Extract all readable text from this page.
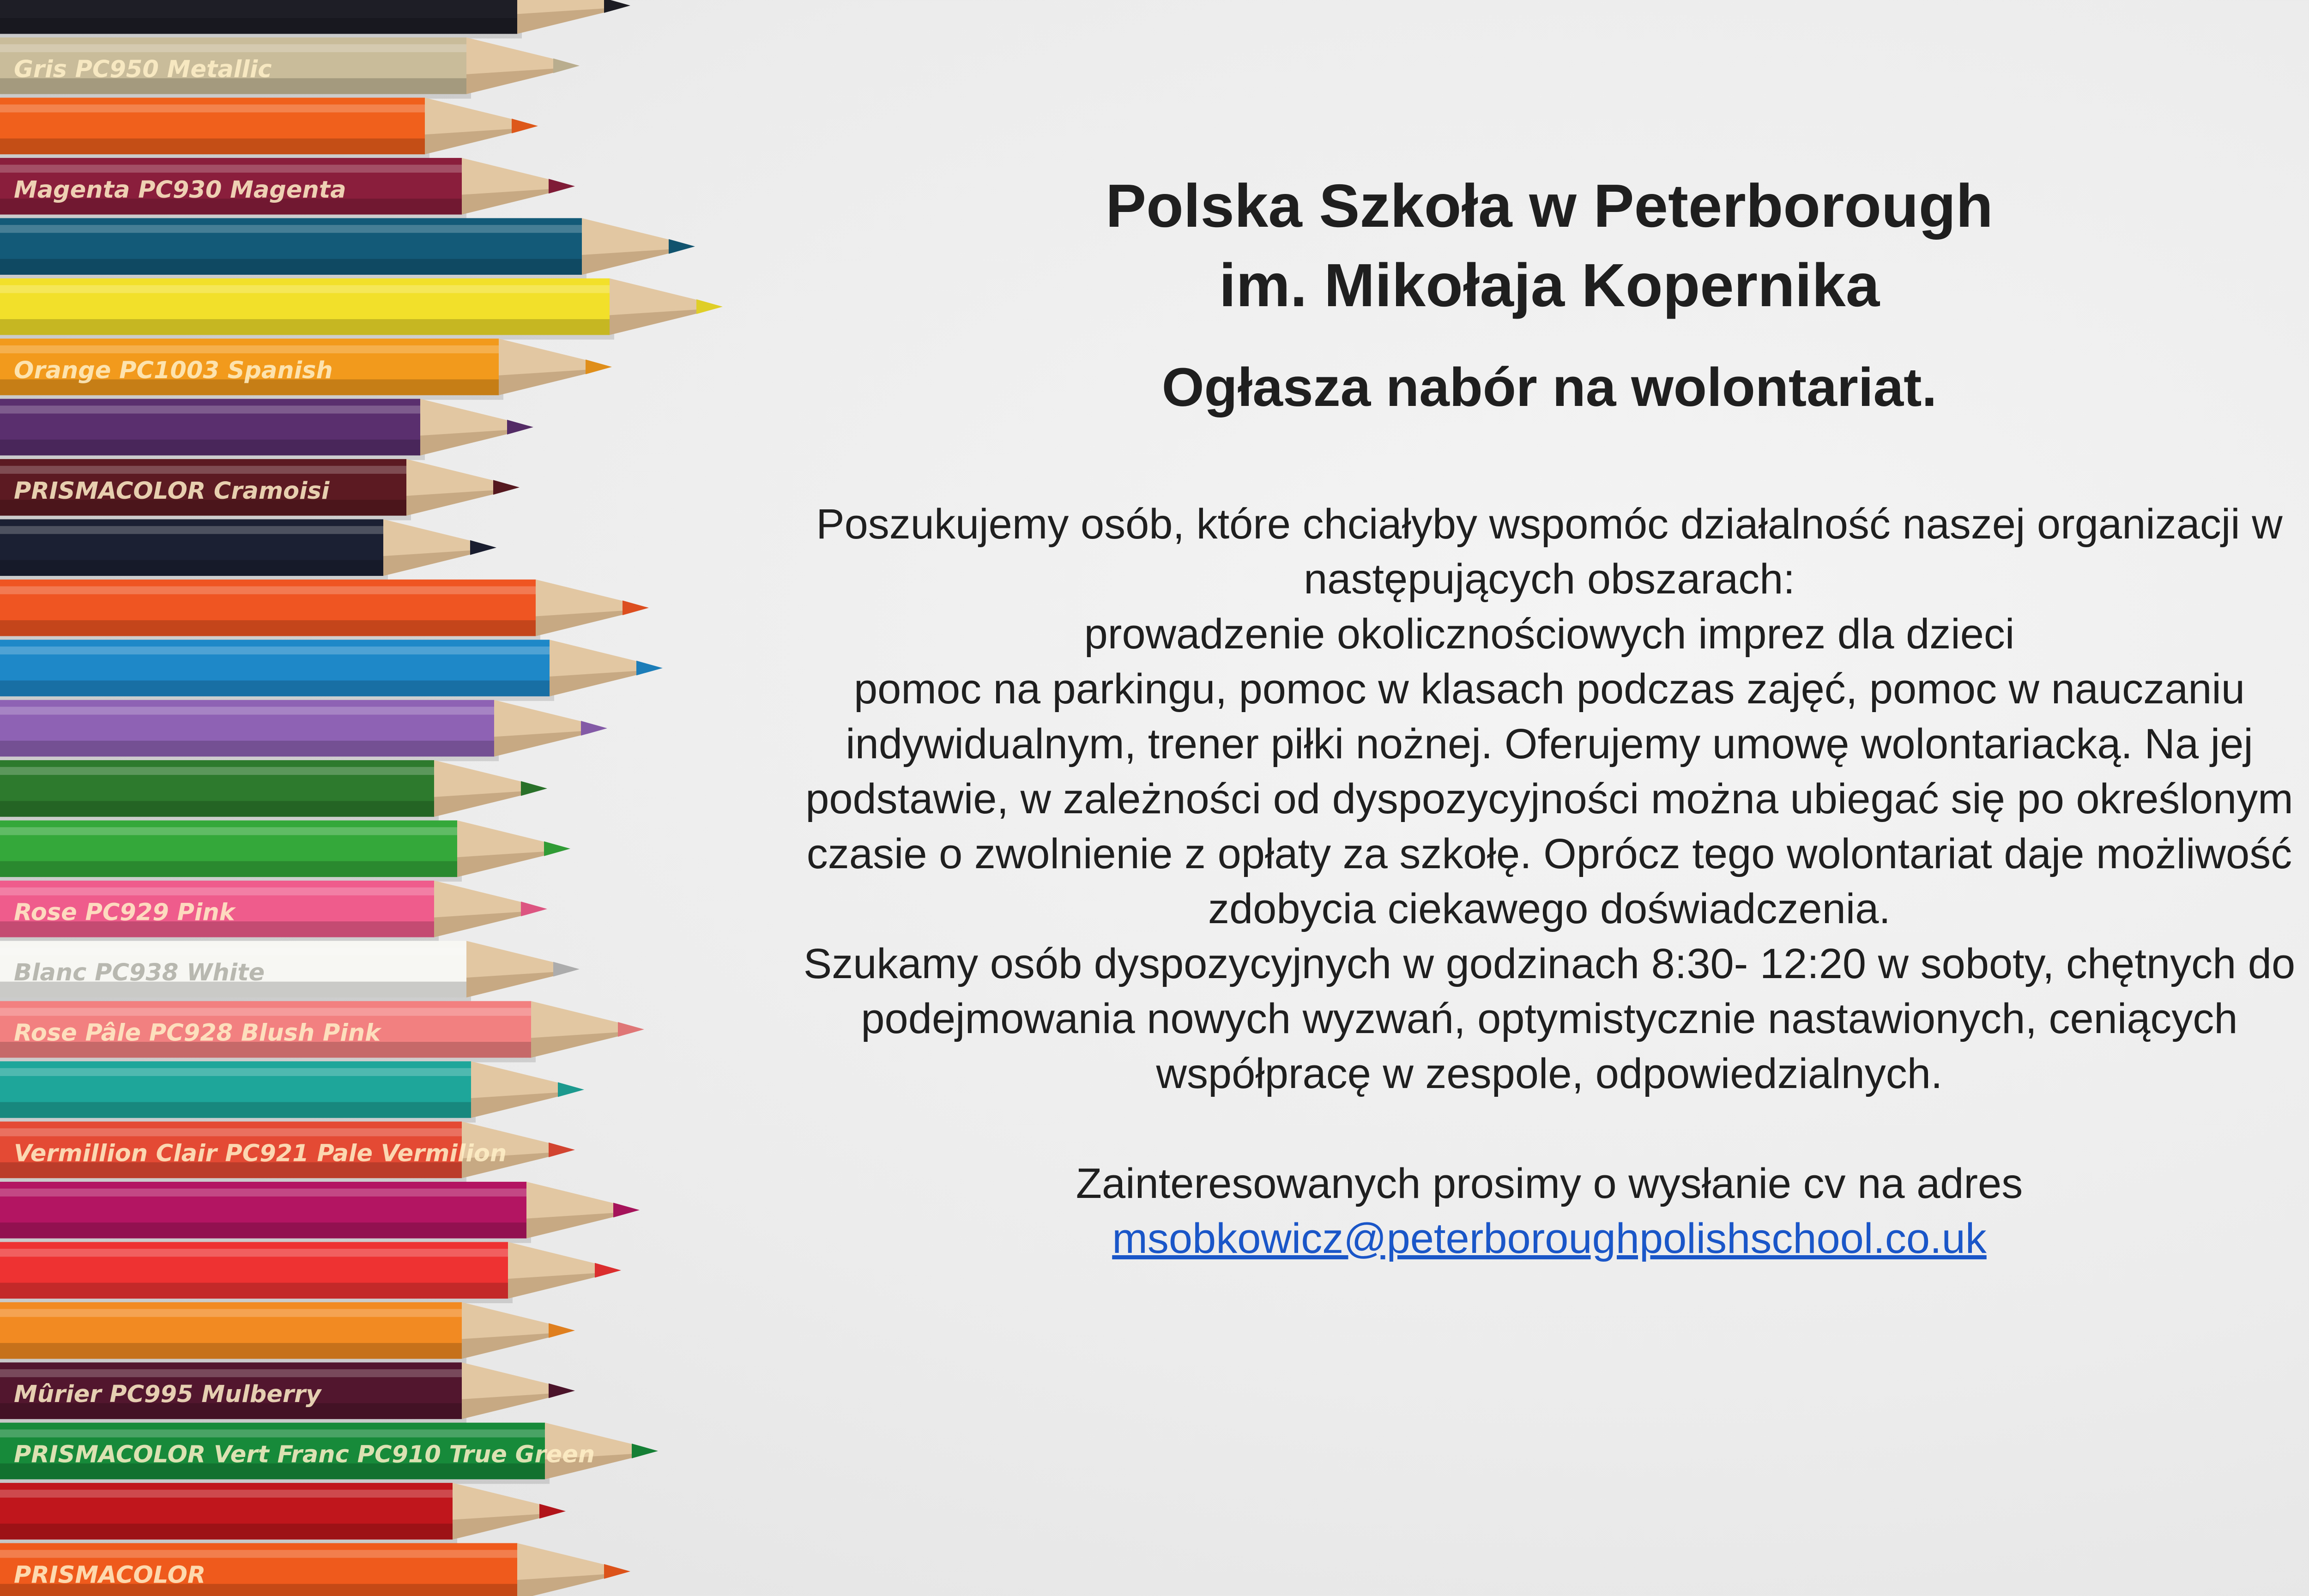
Gris PC950 Metallic
Magenta PC930 Magenta
Orange PC1003 Spanish
PRISMACOLOR Cramoisi
Rose PC929 Pink
Blanc PC938 White
Rose Pâle PC928 Blush Pink
Vermillion Clair PC921 Pale Vermilion
Mûrier PC995 Mulberry
PRISMACOLOR Vert Franc PC910 True Green
PRISMACOLOR
Polska Szkoła w Peterborough
im. Mikołaja Kopernika
Ogłasza nabór na wolontariat.

Poszukujemy osób, które chciałyby wspomóc działalność naszej organizacji w następujących obszarach:

prowadzenie okolicznościowych imprez dla dzieci

pomoc na parkingu, pomoc w klasach podczas zajęć, pomoc w nauczaniu indywidualnym, trener piłki nożnej. Oferujemy umowę wolontariacką. Na jej podstawie, w zależności od dyspozycyjności można ubiegać się po określonym czasie o zwolnienie z opłaty za szkołę. Oprócz tego wolontariat daje możliwość zdobycia ciekawego doświadczenia.

Szukamy osób dyspozycyjnych w godzinach 8:30- 12:20 w soboty, chętnych do podejmowania nowych wyzwań, optymistycznie nastawionych, ceniących współpracę w zespole, odpowiedzialnych.

Zainteresowanych prosimy o wysłanie cv na adres

msobkowicz@peterboroughpolishschool.co.uk
